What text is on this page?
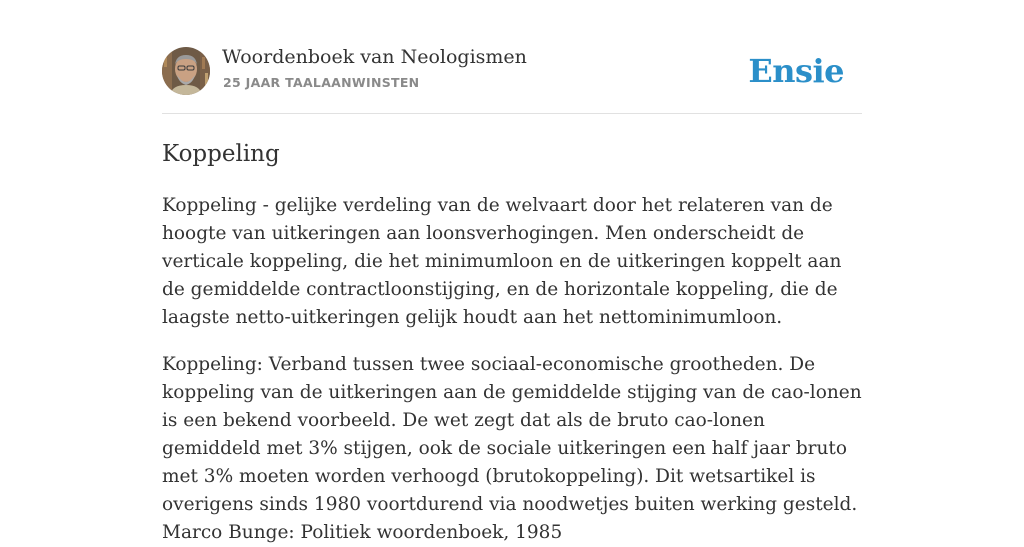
Woordenboek van Neologismen
25 JAAR TAALAANWINSTEN	Ensie
Koppeling

Koppeling - gelijke verdeling van de welvaart door het relateren van de hoogte van uitkeringen aan loonsverhogingen. Men onderscheidt de verticale koppeling, die het minimumloon en de uitkeringen koppelt aan de gemiddelde contractloonstijging, en de horizontale koppeling, die de laagste netto-uitkeringen gelijk houdt aan het nettominimumloon.

Koppeling: Verband tussen twee sociaal-economische grootheden. De koppeling van de uitkeringen aan de gemiddelde stijging van de cao-lonen is een bekend voorbeeld. De wet zegt dat als de bruto cao-lonen gemiddeld met 3% stijgen, ook de sociale uitkeringen een half jaar bruto met 3% moeten worden verhoogd (brutokoppeling). Dit wetsartikel is overigens sinds 1980 voortdurend via noodwetjes buiten werking gesteld. Marco Bunge: Politiek woordenboek, 1985
